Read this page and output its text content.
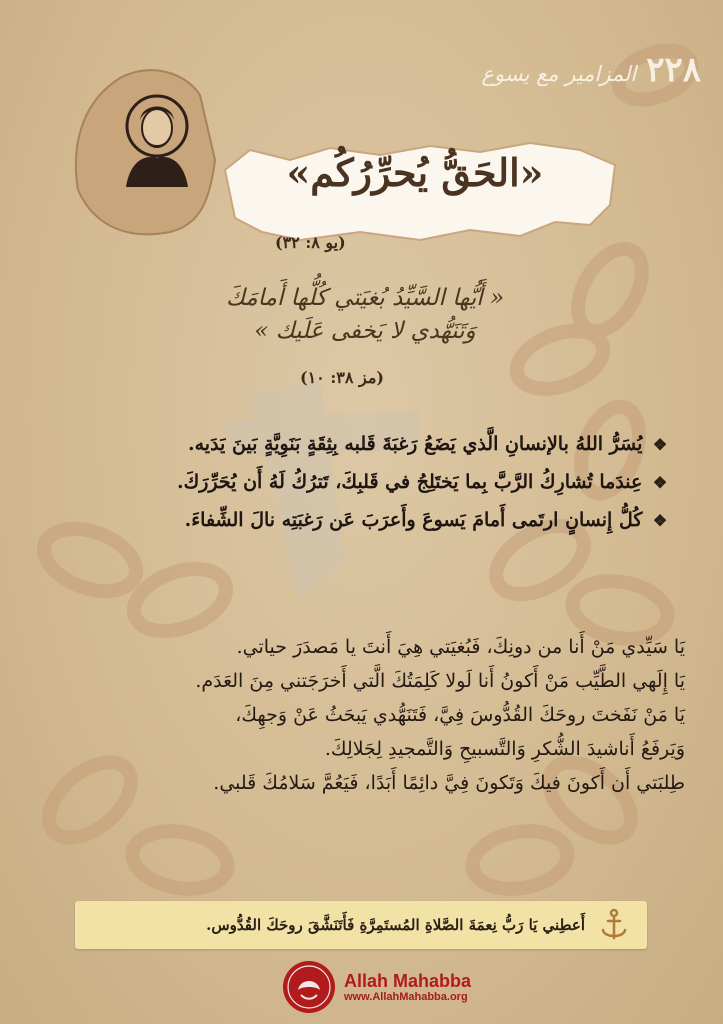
٢٢٨
المزامير مع يسوع
«الحَقُّ يُحرِّرُكُم»
(يو ٨: ٣٢)
« أَيُّها السَّيِّدُ بُغيَتي كُلُّها أَمامَكَ
وَتَنَهُّدي لا يَخفى عَلَيك »
(مز ٣٨: ١٠)
❖ يُسَرُّ اللهُ بالإنسانِ الَّذي يَضَعُ رَغبَةَ قَلبه بِثِقَةٍ بَنَوِيَّةٍ بَينَ يَدَيه.
❖ عِندَما تُشارِكُ الرَّبَّ بِما يَختَلِجُ في قَلبِكَ، تَترُكُ لَهُ أَن يُحَرِّرَكَ.
❖ كُلُّ إِنسانٍ ارتَمى أَمامَ يَسوعَ وأَعرَبَ عَن رَغبَتِه نالَ الشِّفاءَ.
يَا سَيِّدي مَنْ أَنا من دونِكَ، فَبُغيَتي هِيَ أَنتَ يا مَصدَرَ حياتي.
يَا إِلَهي الطَّيِّب مَنْ أَكونُ أَنا لَولا كَلِمَتُكَ الَّتي أَخرَجَتني مِنَ العَدَم.
يَا مَنْ نَفَختَ روحَكَ القُدُّوسَ فِيَّ، فَتَنَهُّدي يَبحَثُ عَنْ وَجهِكَ،
وَيَرفَعُ أَناشيدَ الشُّكرِ وَالتَّسبيحِ وَالتَّمجيدِ لِجَلالِكَ.
طِلبَتي أَن أَكونَ فيكَ وَتَكونَ فِيَّ دائِمًا أَبَدًا، فَيَعُمَّ سَلامُكَ قَلبي.
أَعطِني يَا رَبُّ نِعمَةَ الصَّلاةِ المُستَمِرَّةِ فَأَتَنَشَّقَ روحَكَ القُدُّوس.
Allah Mahabba
www.AllahMahabba.org
